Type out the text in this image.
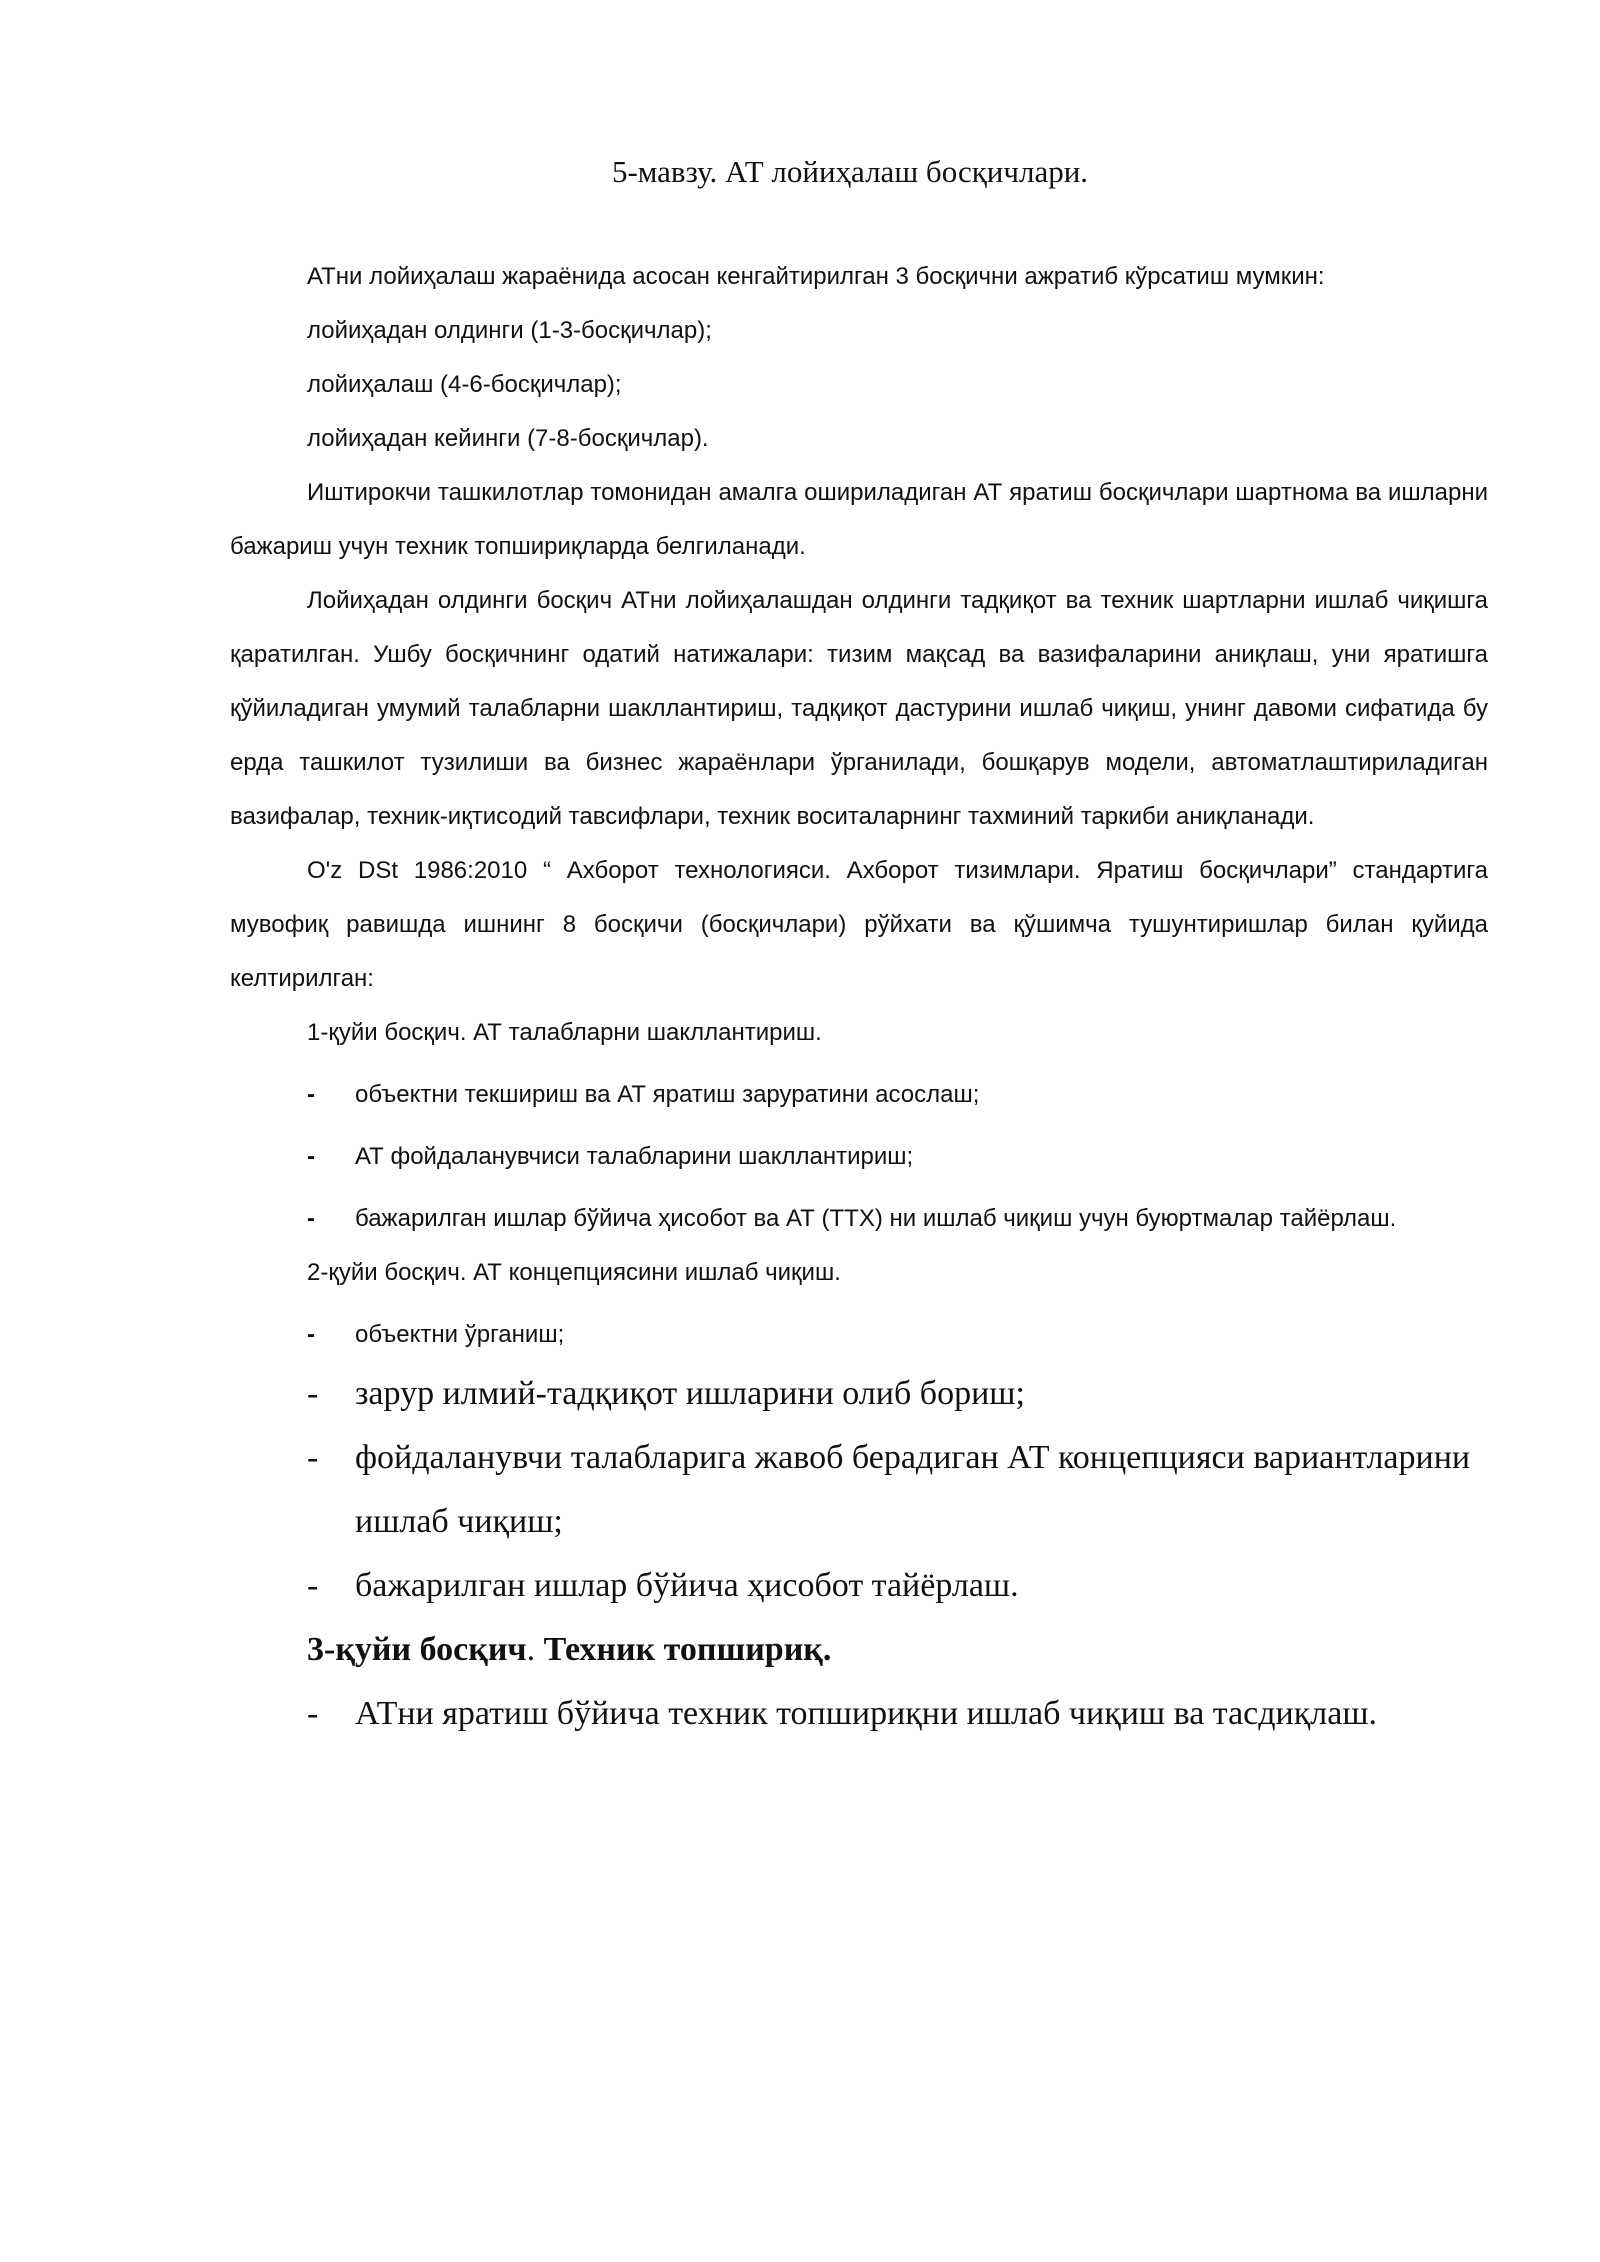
5-мавзу. АТ лойиҳалаш босқичлари.

АТни лойиҳалаш жараёнида асосан кенгайтирилган 3 босқични ажратиб кўрсатиш мумкин:

лойиҳадан олдинги (1-3-босқичлар);

лойиҳалаш (4-6-босқичлар);

лойиҳадан кейинги (7-8-босқичлар).

Иштирокчи ташкилотлар томонидан амалга ошириладиган АТ яратиш босқичлари шартнома ва ишларни бажариш учун техник топшириқларда белгиланади.

Лойиҳадан олдинги босқич АТни лойиҳалашдан олдинги тадқиқот ва техник шартларни ишлаб чиқишга қаратилган. Ушбу босқичнинг одатий натижалари: тизим мақсад ва вазифаларини аниқлаш, уни яратишга қўйиладиган умумий талабларни шакллантириш, тадқиқот дастурини ишлаб чиқиш, унинг давоми сифатида бу ерда ташкилот тузилиши ва бизнес жараёнлари ўрганилади, бошқарув модели, автоматлаштириладиган вазифалар, техник-иқтисодий тавсифлари, техник воситаларнинг тахминий таркиби аниқланади.

O'z DSt 1986:2010 “ Ахборот технологияси. Ахборот тизимлари. Яратиш босқичлари” стандартига мувофиқ равишда ишнинг 8 босқичи (босқичлари) рўйхати ва қўшимча тушунтиришлар билан қуйида келтирилган:

1-қуйи босқич. АТ талабларни шакллантириш.

- объектни текшириш ва АТ яратиш заруратини асослаш;
- АТ фойдаланувчиси талабларини шакллантириш;
- бажарилган ишлар бўйича ҳисобот ва АТ (ТТХ) ни ишлаб чиқиш учун буюртмалар тайёрлаш.

2-қуйи босқич. АТ концепциясини ишлаб чиқиш.

- объектни ўрганиш;
- зарур илмий-тадқиқот ишларини олиб бориш;
- фойдаланувчи талабларига жавоб берадиган АТ концепцияси вариантларини ишлаб чиқиш;
- бажарилган ишлар бўйича ҳисобот тайёрлаш.

3-қуйи босқич. Техник топшириқ.

- АТни яратиш бўйича техник топшириқни ишлаб чиқиш ва тасдиқлаш.
